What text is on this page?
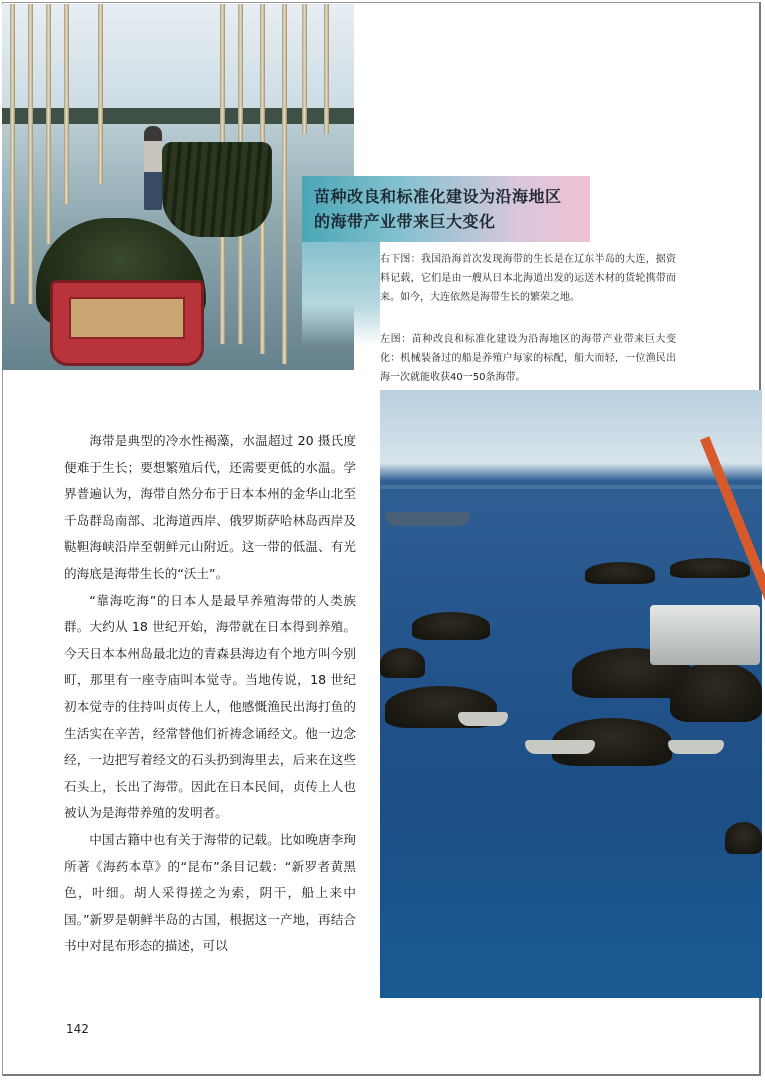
苗种改良和标准化建设为沿海地区
的海带产业带来巨大变化
右下图：我国沿海首次发现海带的生长是在辽东半岛的大连，据资料记载，它们是由一艘从日本北海道出发的运送木材的货轮携带而来。如今，大连依然是海带生长的繁荣之地。
左图：苗种改良和标准化建设为沿海地区的海带产业带来巨大变化：机械装备过的船是养殖户每家的标配，船大而轻，一位渔民出海一次就能收获40一50条海带。

海带是典型的冷水性褐藻，水温超过 20 摄氏度便难于生长；要想繁殖后代，还需要更低的水温。学界普遍认为，海带自然分布于日本本州的金华山北至千岛群岛南部、北海道西岸、俄罗斯萨哈林岛西岸及鞑靼海峡沿岸至朝鲜元山附近。这一带的低温、有光的海底是海带生长的“沃土”。

“靠海吃海”的日本人是最早养殖海带的人类族群。大约从 18 世纪开始，海带就在日本得到养殖。今天日本本州岛最北边的青森县海边有个地方叫今别町，那里有一座寺庙叫本觉寺。当地传说，18 世纪初本觉寺的住持叫贞传上人，他感慨渔民出海打鱼的生活实在辛苦，经常替他们祈祷念诵经文。他一边念经，一边把写着经文的石头扔到海里去，后来在这些石头上，长出了海带。因此在日本民间，贞传上人也被认为是海带养殖的发明者。

中国古籍中也有关于海带的记载。比如晚唐李珣所著《海药本草》的“昆布”条目记载：“新罗者黄黑色，叶细。胡人采得搓之为索，阴干，船上来中国。”新罗是朝鲜半岛的古国，根据这一产地，再结合书中对昆布形态的描述，可以

142
